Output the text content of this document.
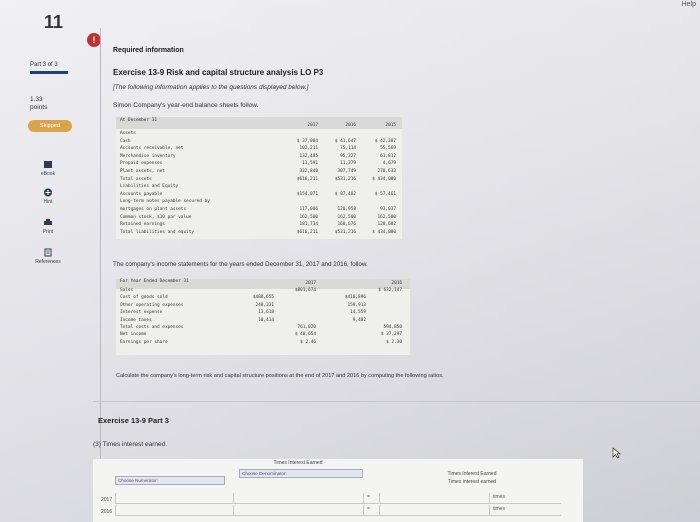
Help
11
Part 3 of 3
1.33
points
Skipped
eBook
Hint
Print
References
!
Required information
Exercise 13-9 Risk and capital structure analysis LO P3
[The following information applies to the questions displayed below.]
Simon Company's year-end balance sheets follow.
At December 31
2017	2016	2015
Assets
Cash	$ 37,084	$ 41,647	$ 42,387
Accounts receivable, net	102,211	75,114	55,569
Merchandise inventory	132,485	95,327	61,812
Prepaid expenses	11,591	11,379	4,679
Plant assets, net	332,840	307,749	270,633
Total assets	$616,211	$531,216	$ 434,080
Liabilities and Equity
Accounts payable	$154,071	$ 87,402	$ 57,461
Long-term notes payable secured by
mortgages on plant assets	117,006	120,958	93,037
Common stock, $10 par value	162,500	162,500	162,500
Retained earnings	181,734	160,676	120,682
Total liabilities and equity	$616,211	$531,216	$ 434,080
The company's income statements for the years ended December 31, 2017 and 2016, follow.
For Year Ended December 31	2017	2016
Sales	$801,674	$ 632,147
Cost of goods sold	$488,655	$410,896
Other operating expenses	248,331	159,913
Interest expense	13,618	14,559
Income taxes	10,414	9,482
Total costs and expenses	761,020	594,850
Net income	$ 40,654	$ 37,297
Earnings per share	$ 2.46	$ 2.30
Calculate the company's long-term risk and capital structure positions at the end of 2017 and 2016 by computing the following ratios.
Exercise 13-9 Part 3
(3) Times interest earned.
Times Interest Earned
Choose Numerator:
Choose Denominator:	Times Interest Earned
Times interest earned
2017	=	times
2016	=	times
